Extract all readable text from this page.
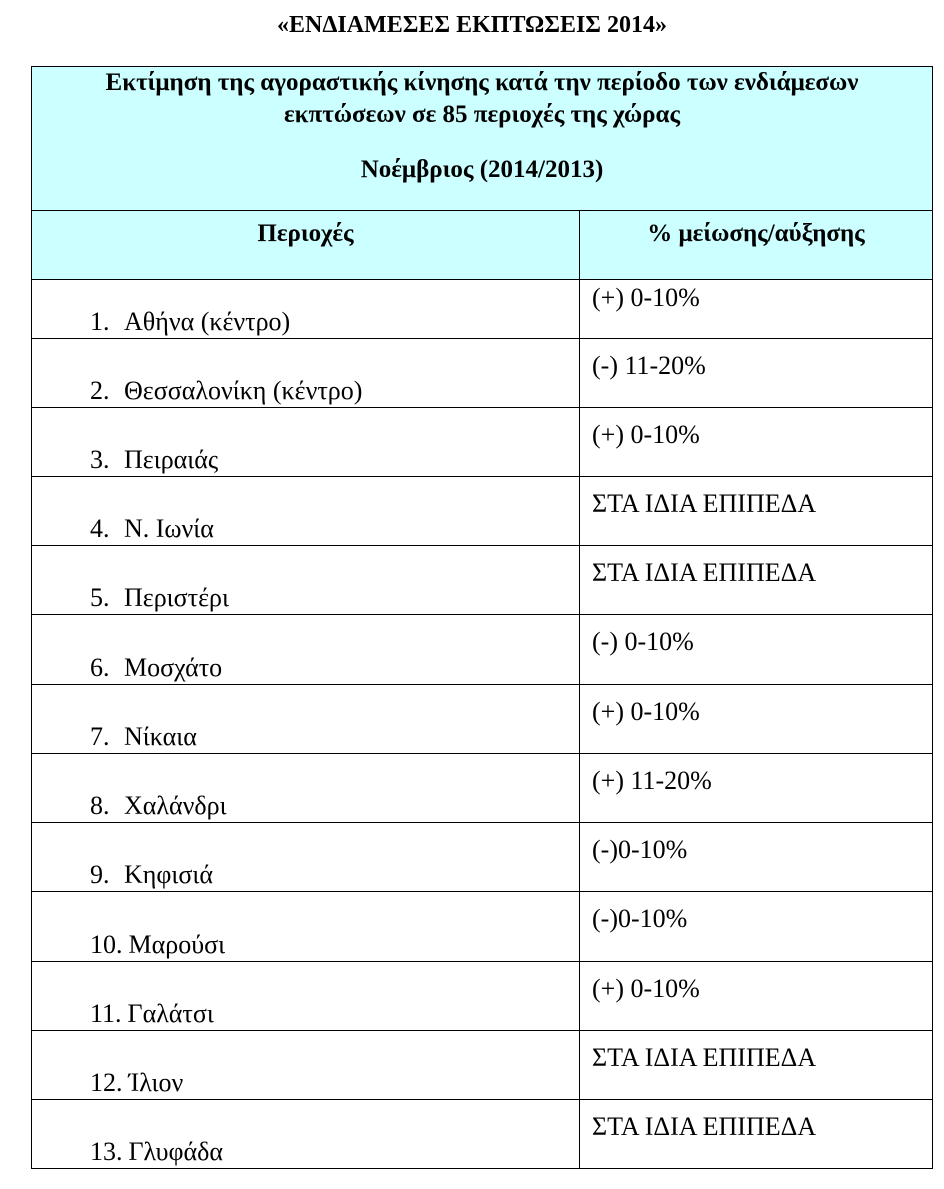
«ΕΝΔΙΑΜΕΣΕΣ ΕΚΠΤΩΣΕΙΣ 2014»
Εκτίμηση της αγοραστικής κίνησης κατά την περίοδο των ενδιάμεσων
εκπτώσεων σε 85 περιοχές της χώρας
Νοέμβριος (2014/2013)
Περιοχές	% μείωσης/αύξησης
1. Αθήνα (κέντρο)
(+) 0-10%
2. Θεσσαλονίκη (κέντρο)
(-) 11-20%
3. Πειραιάς
(+) 0-10%
4. Ν. Ιωνία
ΣΤΑ ΙΔΙΑ ΕΠΙΠΕΔΑ
5. Περιστέρι
ΣΤΑ ΙΔΙΑ ΕΠΙΠΕΔΑ
6. Μοσχάτο
(-) 0-10%
7. Νίκαια
(+) 0-10%
8. Χαλάνδρι
(+) 11-20%
9. Κηφισιά
(-)0-10%
10. Μαρούσι
(-)0-10%
11. Γαλάτσι
(+) 0-10%
12. Ίλιον
ΣΤΑ ΙΔΙΑ ΕΠΙΠΕΔΑ
13. Γλυφάδα
ΣΤΑ ΙΔΙΑ ΕΠΙΠΕΔΑ
